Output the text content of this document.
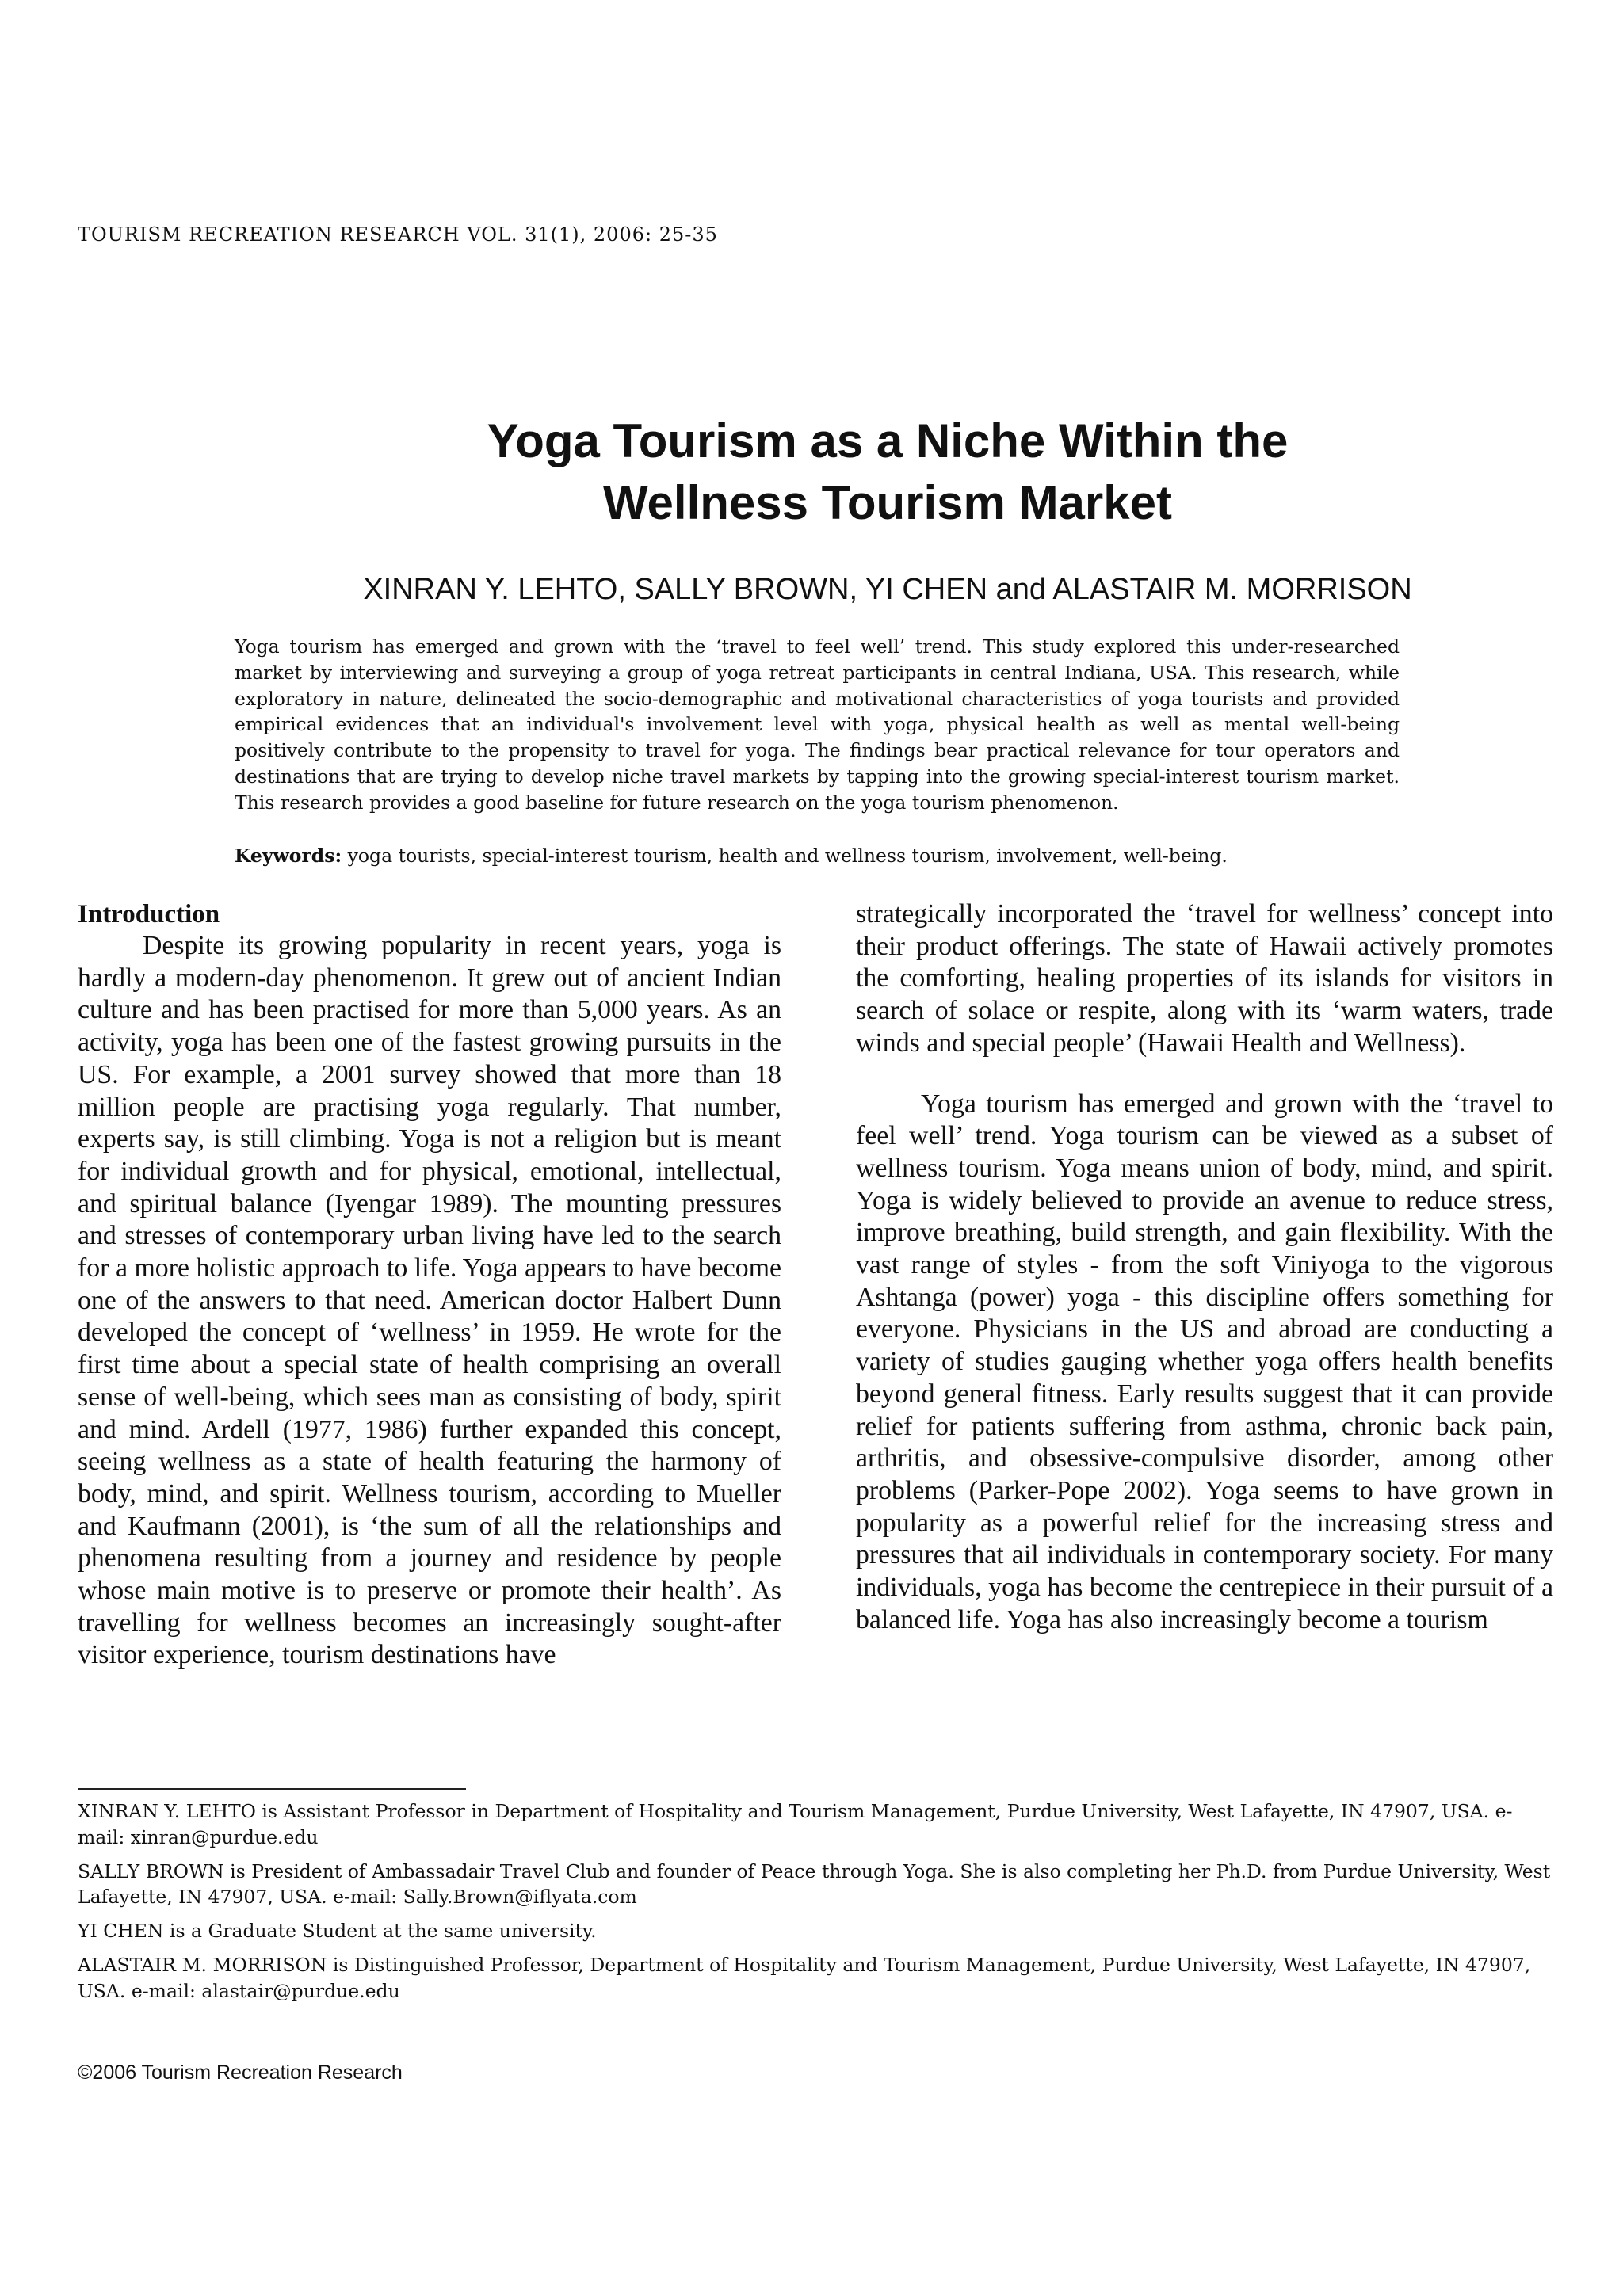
TOURISM RECREATION RESEARCH VOL. 31(1), 2006: 25-35
Yoga Tourism as a Niche Within the
Wellness Tourism Market
XINRAN Y. LEHTO, SALLY BROWN, YI CHEN and ALASTAIR M. MORRISON

Yoga tourism has emerged and grown with the ‘travel to feel well’ trend. This study explored this under-researched market by interviewing and surveying a group of yoga retreat participants in central Indiana, USA. This research, while exploratory in nature, delineated the socio-demographic and motivational characteristics of yoga tourists and provided empirical evidences that an individual's involvement level with yoga, physical health as well as mental well-being positively contribute to the propensity to travel for yoga. The findings bear practical relevance for tour operators and destinations that are trying to develop niche travel markets by tapping into the growing special-interest tourism market. This research provides a good baseline for future research on the yoga tourism phenomenon.

Keywords: yoga tourists, special-interest tourism, health and wellness tourism, involvement, well-being.

Introduction

Despite its growing popularity in recent years, yoga is hardly a modern-day phenomenon. It grew out of ancient Indian culture and has been practised for more than 5,000 years. As an activity, yoga has been one of the fastest growing pursuits in the US. For example, a 2001 survey showed that more than 18 million people are practising yoga regularly. That number, experts say, is still climbing. Yoga is not a religion but is meant for individual growth and for physical, emotional, intellectual, and spiritual balance (Iyengar 1989). The mounting pressures and stresses of contemporary urban living have led to the search for a more holistic approach to life. Yoga appears to have become one of the answers to that need. American doctor Halbert Dunn developed the concept of ‘wellness’ in 1959. He wrote for the first time about a special state of health comprising an overall sense of well-being, which sees man as consisting of body, spirit and mind. Ardell (1977, 1986) further expanded this concept, seeing wellness as a state of health featuring the harmony of body, mind, and spirit. Wellness tourism, according to Mueller and Kaufmann (2001), is ‘the sum of all the relationships and phenomena resulting from a journey and residence by people whose main motive is to preserve or promote their health’. As travelling for wellness becomes an increasingly sought-after visitor experience, tourism destinations have

strategically incorporated the ‘travel for wellness’ concept into their product offerings. The state of Hawaii actively promotes the comforting, healing properties of its islands for visitors in search of solace or respite, along with its ‘warm waters, trade winds and special people’ (Hawaii Health and Wellness).

Yoga tourism has emerged and grown with the ‘travel to feel well’ trend. Yoga tourism can be viewed as a subset of wellness tourism. Yoga means union of body, mind, and spirit. Yoga is widely believed to provide an avenue to reduce stress, improve breathing, build strength, and gain flexibility. With the vast range of styles - from the soft Viniyoga to the vigorous Ashtanga (power) yoga - this discipline offers something for everyone. Physicians in the US and abroad are conducting a variety of studies gauging whether yoga offers health benefits beyond general fitness. Early results suggest that it can provide relief for patients suffering from asthma, chronic back pain, arthritis, and obsessive-compulsive disorder, among other problems (Parker-Pope 2002). Yoga seems to have grown in popularity as a powerful relief for the increasing stress and pressures that ail individuals in contemporary society. For many individuals, yoga has become the centrepiece in their pursuit of a balanced life. Yoga has also increasingly become a tourism

XINRAN Y. LEHTO is Assistant Professor in Department of Hospitality and Tourism Management, Purdue University, West Lafayette, IN 47907, USA. e-mail: xinran@purdue.edu

SALLY BROWN is President of Ambassadair Travel Club and founder of Peace through Yoga. She is also completing her Ph.D. from Purdue University, West Lafayette, IN 47907, USA. e-mail: Sally.Brown@iflyata.com

YI CHEN is a Graduate Student at the same university.

ALASTAIR M. MORRISON is Distinguished Professor, Department of Hospitality and Tourism Management, Purdue University, West Lafayette, IN 47907, USA. e-mail: alastair@purdue.edu

©2006 Tourism Recreation Research
